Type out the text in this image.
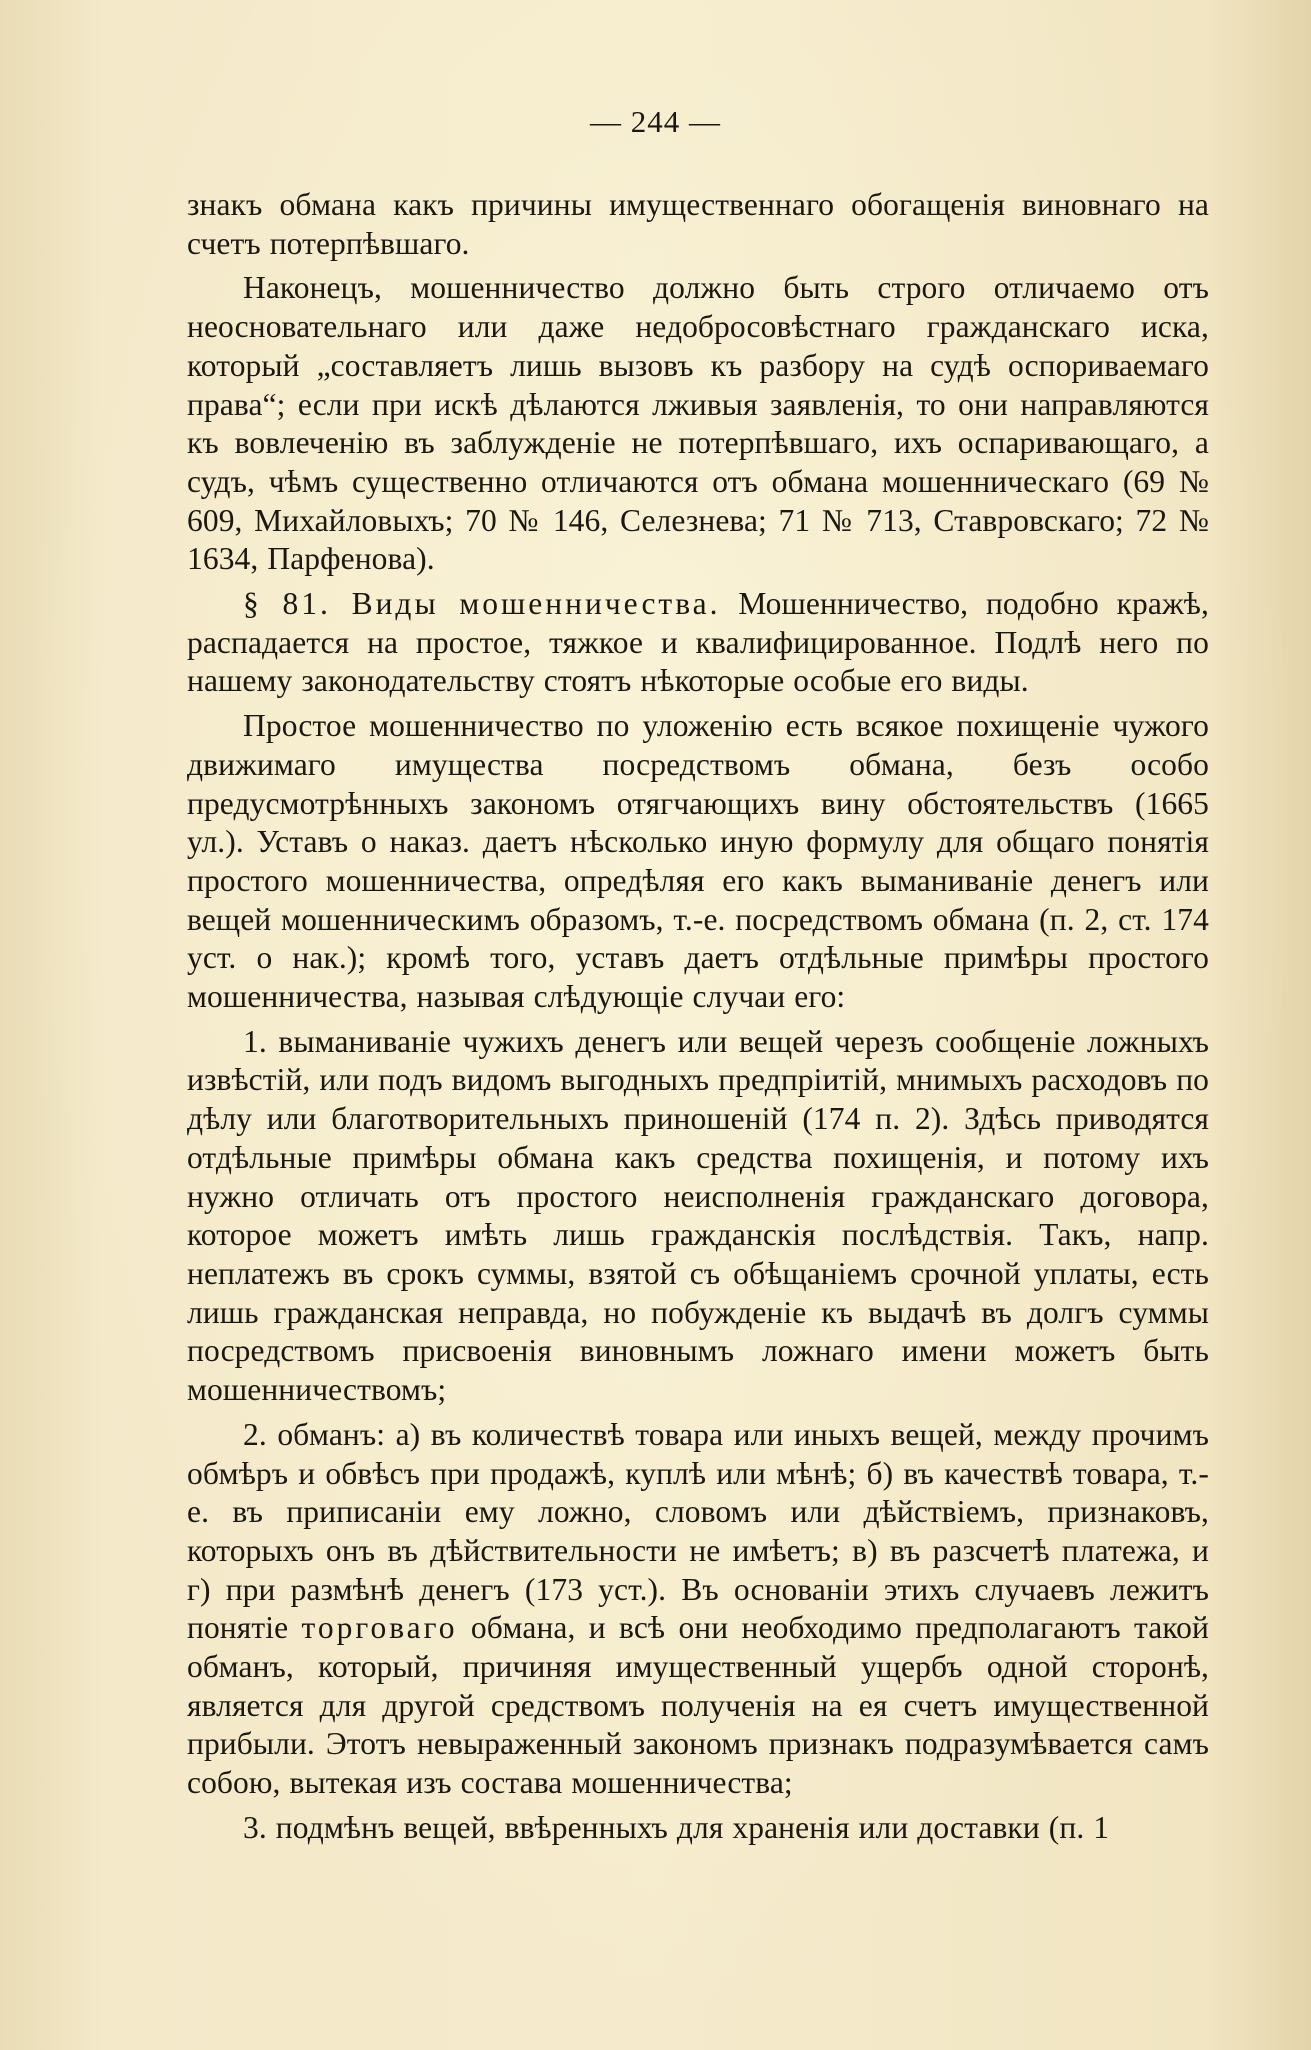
— 244 —

знакъ обмана какъ причины имущественнаго обогащенія виновнаго на счетъ потерпѣвшаго.

Наконецъ, мошенничество должно быть строго отличаемо отъ неосновательнаго или даже недобросовѣстнаго гражданскаго иска, который „составляетъ лишь вызовъ къ разбору на судѣ оспориваемаго права“; если при искѣ дѣлаются лживыя заявленія, то они направляются къ вовлеченію въ заблужденіе не потерпѣвшаго, ихъ оспаривающаго, а судъ, чѣмъ существенно отличаются отъ обмана мошенническаго (69 № 609, Михайловыхъ; 70 № 146, Селезнева; 71 № 713, Ставровскаго; 72 № 1634, Парфенова).

§ 81. Виды мошенничества. Мошенничество, подобно кражѣ, распадается на простое, тяжкое и квалифицированное. Подлѣ него по нашему законодательству стоятъ нѣкоторые особые его виды.

Простое мошенничество по уложенію есть всякое похищеніе чужого движимаго имущества посредствомъ обмана, безъ особо предусмотрѣнныхъ закономъ отягчающихъ вину обстоятельствъ (1665 ул.). Уставъ о наказ. даетъ нѣсколько иную формулу для общаго понятія простого мошенничества, опредѣляя его какъ выманиваніе денегъ или вещей мошенническимъ образомъ, т.-е. посредствомъ обмана (п. 2, ст. 174 уст. о нак.); кромѣ того, уставъ даетъ отдѣльные примѣры простого мошенничества, называя слѣдующіе случаи его:

1. выманиваніе чужихъ денегъ или вещей черезъ сообщеніе ложныхъ извѣстій, или подъ видомъ выгодныхъ предпріитій, мнимыхъ расходовъ по дѣлу или благотворительныхъ приношеній (174 п. 2). Здѣсь приводятся отдѣльные примѣры обмана какъ средства похищенія, и потому ихъ нужно отличать отъ простого неисполненія гражданскаго договора, которое можетъ имѣть лишь гражданскія послѣдствія. Такъ, напр. неплатежъ въ срокъ суммы, взятой съ обѣщаніемъ срочной уплаты, есть лишь гражданская неправда, но побужденіе къ выдачѣ въ долгъ суммы посредствомъ присвоенія виновнымъ ложнаго имени можетъ быть мошенничествомъ;

2. обманъ: а) въ количествѣ товара или иныхъ вещей, между прочимъ обмѣръ и обвѣсъ при продажѣ, куплѣ или мѣнѣ; б) въ качествѣ товара, т.-е. въ приписаніи ему ложно, словомъ или дѣйствіемъ, признаковъ, которыхъ онъ въ дѣйствительности не имѣетъ; в) въ разсчетѣ платежа, и г) при размѣнѣ денегъ (173 уст.). Въ основаніи этихъ случаевъ лежитъ понятіе торговаго обмана, и всѣ они необходимо предполагаютъ такой обманъ, который, причиняя имущественный ущербъ одной сторонѣ, является для другой средствомъ полученія на ея счетъ имущественной прибыли. Этотъ невыраженный закономъ признакъ подразумѣвается самъ собою, вытекая изъ состава мошенничества;

3. подмѣнъ вещей, ввѣренныхъ для храненія или доставки (п. 1
